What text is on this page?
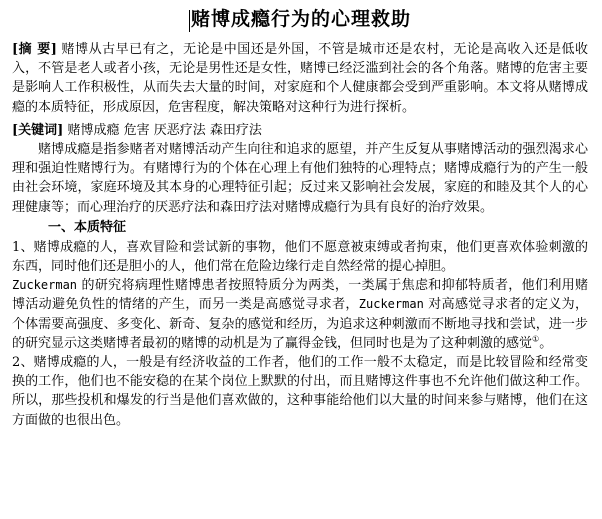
赌博成瘾行为的心理救助

[摘 要] 赌博从古早已有之，无论是中国还是外国，不管是城市还是农村，无论是高收入还是低收入，不管是老人或者小孩，无论是男性还是女性，赌博已经泛滥到社会的各个角落。赌博的危害主要是影响人工作积极性，从而失去大量的时间，对家庭和个人健康都会受到严重影响。本文将从赌博成瘾的本质特征，形成原因，危害程度，解决策略对这种行为进行探析。

[关键词] 赌博成瘾 危害 厌恶疗法 森田疗法

赌博成瘾是指参赌者对赌博活动产生向往和追求的愿望，并产生反复从事赌博活动的强烈渴求心理和强迫性赌博行为。有赌博行为的个体在心理上有他们独特的心理特点；赌博成瘾行为的产生一般由社会环境，家庭环境及其本身的心理特征引起；反过来又影响社会发展，家庭的和睦及其个人的心理健康等；而心理治疗的厌恶疗法和森田疗法对赌博成瘾行为具有良好的治疗效果。

一、本质特征

1、赌博成瘾的人，喜欢冒险和尝试新的事物，他们不愿意被束缚或者拘束，他们更喜欢体验刺激的东西，同时他们还是胆小的人，他们常在危险边缘行走自然经常的提心掉胆。

Zuckerman 的研究将病理性赌博患者按照特质分为两类，一类属于焦虑和抑郁特质者，他们利用赌博活动避免负性的情绪的产生，而另一类是高感觉寻求者，Zuckerman 对高感觉寻求者的定义为，个体需要高强度、多变化、新奇、复杂的感觉和经历，为追求这种刺激而不断地寻找和尝试，进一步的研究显示这类赌博者最初的赌博的动机是为了赢得金钱，但同时也是为了这种刺激的感觉①。

2、赌博成瘾的人，一般是有经济收益的工作者，他们的工作一般不太稳定，而是比较冒险和经常变换的工作，他们也不能安稳的在某个岗位上默默的付出，而且赌博这件事也不允许他们做这种工作。所以，那些投机和爆发的行当是他们喜欢做的，这种事能给他们以大量的时间来参与赌博，他们在这方面做的也很出色。
